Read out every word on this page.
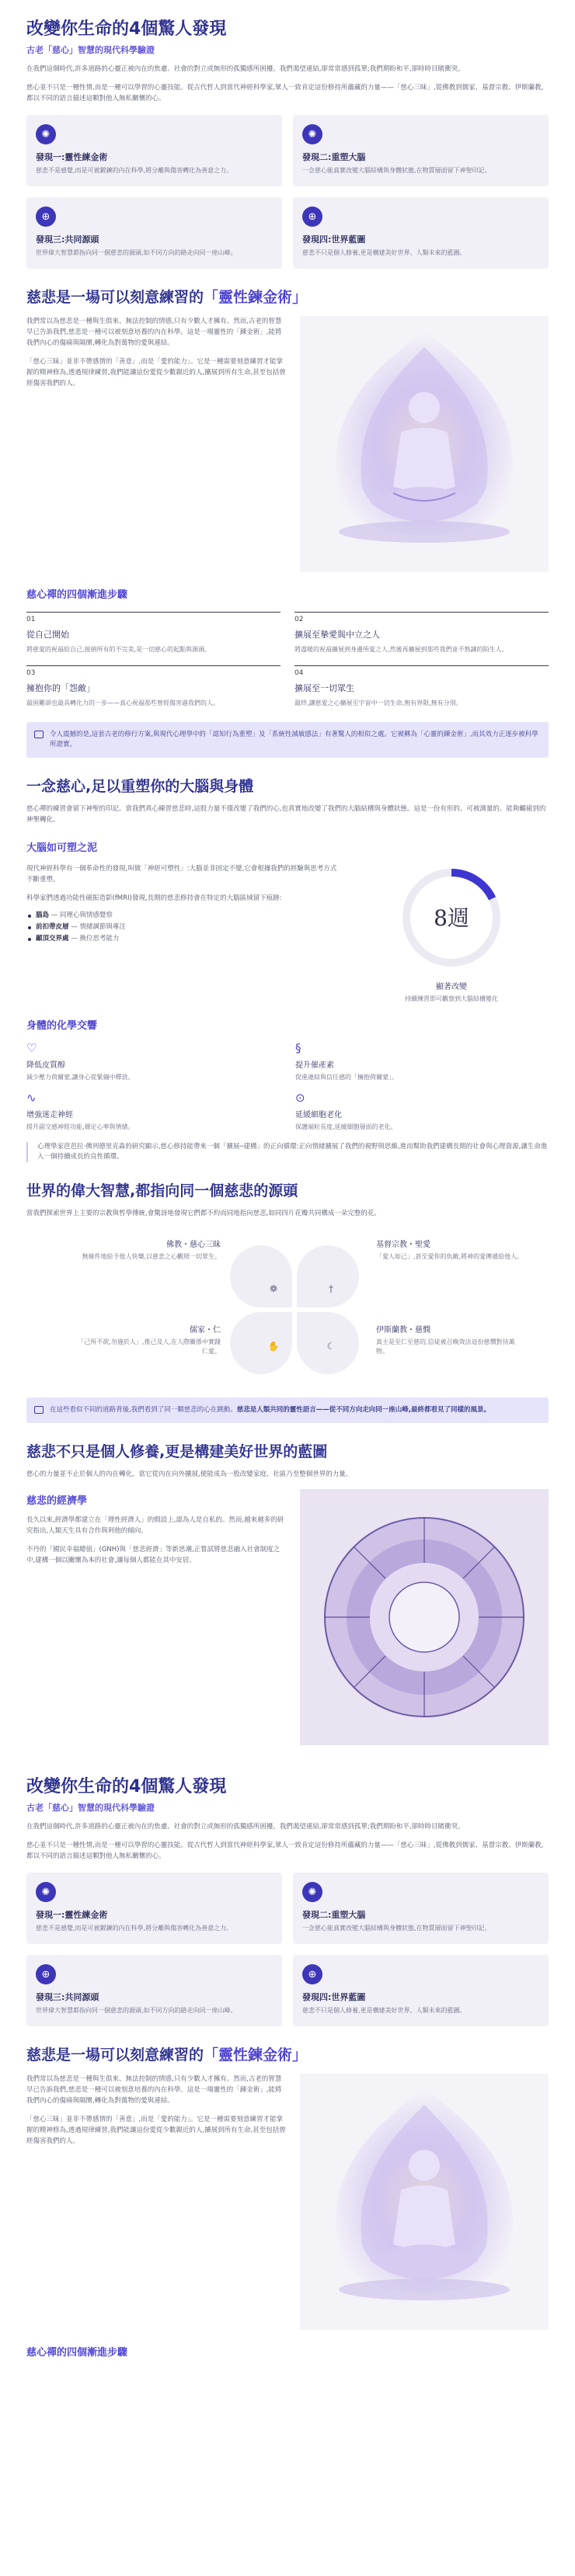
改變你生命的4個驚人發現
古老「慈心」智慧的現代科學驗證

在我們這個時代,許多道路的心靈正被內在的焦慮、社會的對立或無形的孤獨感所困擾。我們渴望連結,卻常常感到孤單;我們期盼和平,卻時時目睹衝突。

慈心並不只是一種性情,而是一種可以學習的心靈技能。從古代哲人到當代神經科學家,眾人一致肯定這份修持所蘊藏的力量——「慈心三昧」,從佛教到儒家、基督宗教、伊斯蘭教,都以不同的語言描述這顆對他人無私關懷的心。

✺
發現一:靈性練金術
慈悲不是感覺,而是可被鍛鍊的內在科學,將分離與傷害轉化為善意之力。
✺
發現二:重塑大腦
一念慈心能真實改變大腦結構與身體狀態,在物質層面留下神聖印記。
⊕
發現三:共同源頭
世界偉大智慧都指向同一個慈悲的源頭,如不同方向的路走向同一座山峰。
⊕
發現四:世界藍圖
慈悲不只是個人修養,更是構建美好世界、人類未來的藍圖。
慈悲是一場可以刻意練習的「靈性鍊金術」

我們常以為慈悲是一種與生俱來、無法控制的情感,只有少數人才擁有。然而,古老的智慧早已告訴我們,慈悲是一種可以被刻意培養的內在科學。這是一場靈性的「鍊金術」,能將我們內心的傷痛與隔閡,轉化為對萬物的愛與連結。

「慈心三昧」並非不帶感情的「善意」,而是「愛的能力」。它是一種需要刻意練習才能掌握的精神修為,透過規律練習,我們能讓這份愛從少數親近的人,擴展到所有生命,甚至包括曾經傷害我們的人。

慈心禪的四個漸進步驟
01
從自己開始
將慈愛的祝福給自己,接納所有的不完美,是一切慈心的起點與源頭。
02
擴展至摯愛與中立之人
將溫暖的祝福擴展到身邊所愛之人,然後再擴展到那些我們並不熟識的陌生人。
03
擁抱你的「怨敵」
最困難卻也最具轉化力的一步——真心祝福那些曾經傷害過我們的人。
04
擴展至一切眾生
最終,讓慈愛之心擴展至宇宙中一切生命,無有界限,無有分別。
令人震撼的是,這套古老的修行方案,與現代心理學中的「認知行為重塑」及「系統性減敏感法」有著驚人的相似之處。它被稱為「心靈的鍊金術」,而其效力正逐步被科學所證實。
一念慈心,足以重塑你的大腦與身體

慈心禪的練習會留下神聖的印記。當我們真心練習慈悲時,這股力量不僅改變了我們的心,也真實地改變了我們的大腦結構與身體狀態。這是一份有形的、可被測量的、能夠觸碰到的神聖轉化。

大腦如可塑之泥

現代神經科學有一個革命性的發現,叫做「神經可塑性」:大腦並非固定不變,它會根據我們的經驗與思考方式不斷重塑。

科學家們透過功能性磁振造影(fMRI)發現,長期的慈悲修持會在特定的大腦區域留下痕跡:

腦島 — 同理心與情感覺察
前扣帶皮層 — 情緒調節與專注
顳頂交界處 — 換位思考能力
8週
顯著改變
持續練習即可觀察到大腦結構變化
身體的化學交響
♡
降低皮質醇
減少壓力荷爾蒙,讓身心從緊繃中釋放。
§
提升催產素
促進連結與信任感的「擁抱荷爾蒙」。
∿
增強迷走神經
提升副交感神經功能,穩定心率與情緒。
⊙
延緩細胞老化
保護端粒長度,延緩細胞層面的老化。
心理學家芭芭拉·佛列德里克森的研究顯示,慈心修持能帶來一個「擴展─建構」的正向循環:正向情緒擴展了我們的視野與思維,進而幫助我們建構長期的社會與心理資源,讓生命進入一個持續成長的良性循環。
世界的偉大智慧,都指向同一個慈悲的源頭

當我們探索世界上主要的宗教與哲學傳統,會驚訝地發現它們都不約而同地指向慈悲,如同四片花瓣共同構成一朵完整的花。

佛教・慈心三昧
無條件地給予他人快樂,以慈悲之心觀照一切眾生。
基督宗教・聖愛
「愛人如己」,甚至愛你的仇敵,將神的愛傳遞給他人。
儒家・仁
「己所不欲,勿施於人」,推己及人,在人際關係中實踐仁愛。
伊斯蘭教・慈憫
真主是至仁至慈的,信徒被召喚效法這份慈憫對待萬物。
❁	†
✋	☾
在這些看似不同的道路背後,我們看到了同一顆慈悲的心在跳動。慈悲是人類共同的靈性語言——從不同方向走向同一座山峰,最終都看見了同樣的風景。
慈悲不只是個人修養,更是構建美好世界的藍圖

慈心的力量並不止於個人的內在轉化。當它從內在向外擴展,便能成為一股改變家庭、社區乃至整個世界的力量。

慈悲的經濟學

長久以來,經濟學都建立在「理性經濟人」的假設上,認為人是自私的。然而,越來越多的研究指出,人類天生具有合作與利他的傾向。

不丹的「國民幸福總值」(GNH)與「慈悲經濟」等新思潮,正嘗試將慈悲融入社會制度之中,建構一個以關懷為本的社會,讓每個人都能在其中安居。

改變你生命的4個驚人發現
古老「慈心」智慧的現代科學驗證

在我們這個時代,許多道路的心靈正被內在的焦慮、社會的對立或無形的孤獨感所困擾。我們渴望連結,卻常常感到孤單;我們期盼和平,卻時時目睹衝突。

慈心並不只是一種性情,而是一種可以學習的心靈技能。從古代哲人到當代神經科學家,眾人一致肯定這份修持所蘊藏的力量——「慈心三昧」,從佛教到儒家、基督宗教、伊斯蘭教,都以不同的語言描述這顆對他人無私關懷的心。

✺
發現一:靈性練金術
慈悲不是感覺,而是可被鍛鍊的內在科學,將分離與傷害轉化為善意之力。
✺
發現二:重塑大腦
一念慈心能真實改變大腦結構與身體狀態,在物質層面留下神聖印記。
⊕
發現三:共同源頭
世界偉大智慧都指向同一個慈悲的源頭,如不同方向的路走向同一座山峰。
⊕
發現四:世界藍圖
慈悲不只是個人修養,更是構建美好世界、人類未來的藍圖。
慈悲是一場可以刻意練習的「靈性鍊金術」

我們常以為慈悲是一種與生俱來、無法控制的情感,只有少數人才擁有。然而,古老的智慧早已告訴我們,慈悲是一種可以被刻意培養的內在科學。這是一場靈性的「鍊金術」,能將我們內心的傷痛與隔閡,轉化為對萬物的愛與連結。

「慈心三昧」並非不帶感情的「善意」,而是「愛的能力」。它是一種需要刻意練習才能掌握的精神修為,透過規律練習,我們能讓這份愛從少數親近的人,擴展到所有生命,甚至包括曾經傷害我們的人。

慈心禪的四個漸進步驟
